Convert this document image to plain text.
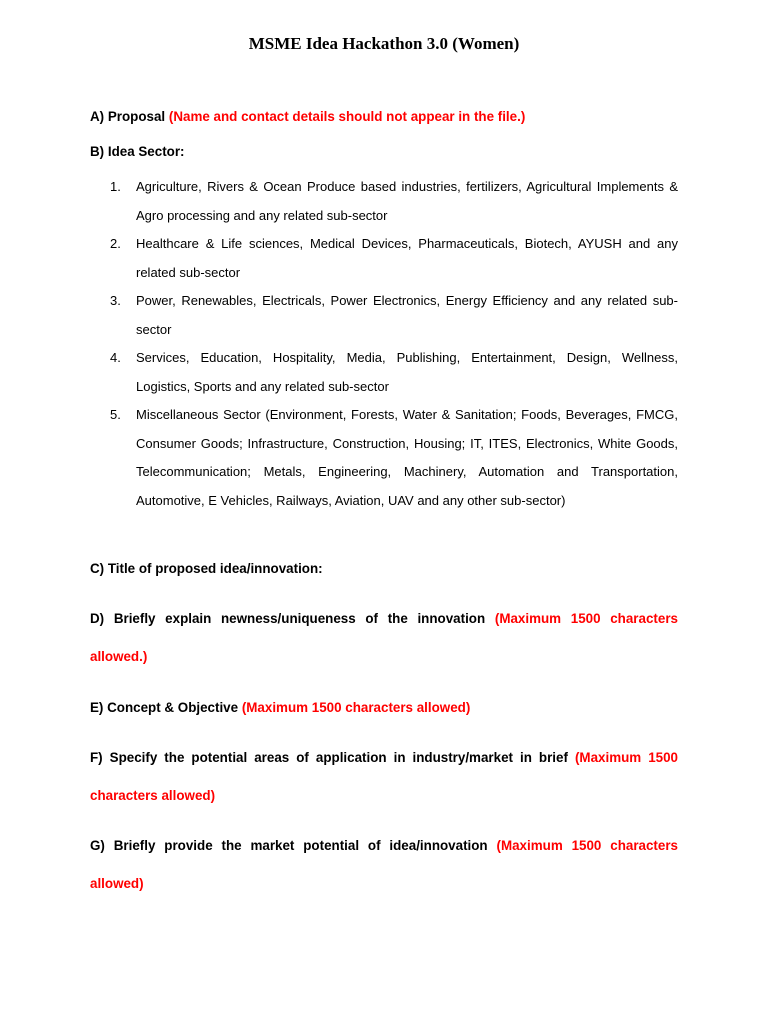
MSME Idea Hackathon 3.0 (Women)
A) Proposal (Name and contact details should not appear in the file.)
B) Idea Sector:
1. Agriculture, Rivers & Ocean Produce based industries, fertilizers, Agricultural Implements & Agro processing and any related sub-sector
2. Healthcare & Life sciences, Medical Devices, Pharmaceuticals, Biotech, AYUSH and any related sub-sector
3. Power, Renewables, Electricals, Power Electronics, Energy Efficiency and any related sub-sector
4. Services, Education, Hospitality, Media, Publishing, Entertainment, Design, Wellness, Logistics, Sports and any related sub-sector
5. Miscellaneous Sector (Environment, Forests, Water & Sanitation; Foods, Beverages, FMCG, Consumer Goods; Infrastructure, Construction, Housing; IT, ITES, Electronics, White Goods, Telecommunication; Metals, Engineering, Machinery, Automation and Transportation, Automotive, E Vehicles, Railways, Aviation, UAV and any other sub-sector)
C) Title of proposed idea/innovation:
D) Briefly explain newness/uniqueness of the innovation (Maximum 1500 characters allowed.)
E) Concept & Objective (Maximum 1500 characters allowed)
F) Specify the potential areas of application in industry/market in brief (Maximum 1500 characters allowed)
G) Briefly provide the market potential of idea/innovation (Maximum 1500 characters allowed)
